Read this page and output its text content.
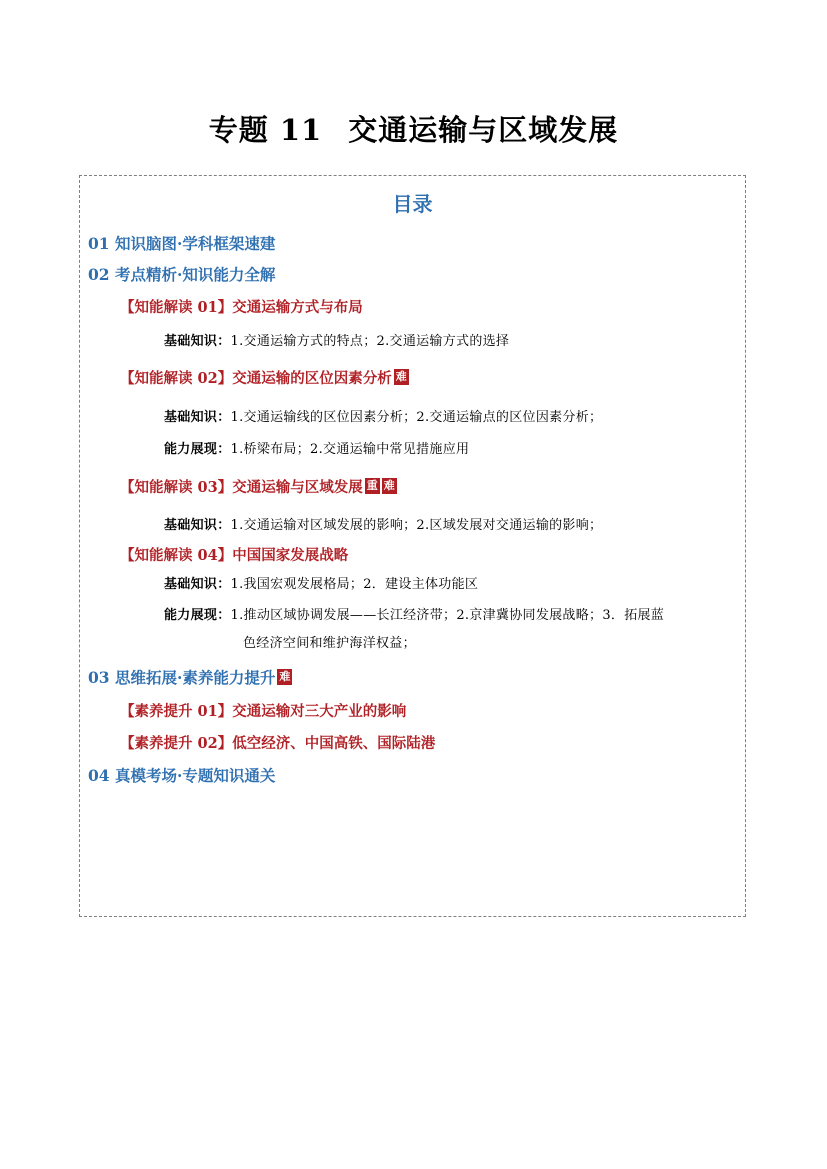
专题 11 交通运输与区域发展
目录
01 知识脑图·学科框架速建
02 考点精析·知识能力全解
【知能解读 01】交通运输方式与布局
基础知识：1.交通运输方式的特点；2.交通运输方式的选择
【知能解读 02】交通运输的区位因素分析 难
基础知识：1.交通运输线的区位因素分析；2.交通运输点的区位因素分析；
能力展现：1.桥梁布局；2.交通运输中常见措施应用
【知能解读 03】交通运输与区域发展 重 难
基础知识：1.交通运输对区域发展的影响；2.区域发展对交通运输的影响；
【知能解读 04】中国国家发展战略
基础知识：1.我国宏观发展格局；2．建设主体功能区
能力展现：1.推动区域协调发展——长江经济带；2.京津冀协同发展战略；3．拓展蓝
色经济空间和维护海洋权益；
03 思维拓展·素养能力提升 难
【素养提升 01】交通运输对三大产业的影响
【素养提升 02】低空经济、中国高铁、国际陆港
04 真模考场·专题知识通关
